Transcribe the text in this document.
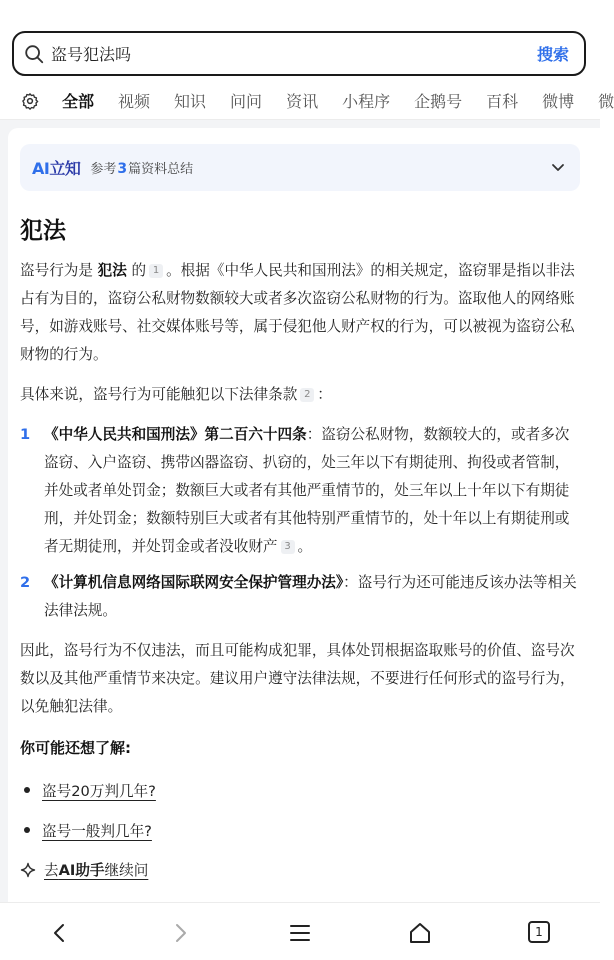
盗号犯法吗	搜索
全部 视频 知识 问问 资讯 小程序 企鹅号 百科 微博 微
AI立知 参考3篇资料总结
犯法
盗号行为是 犯法 的 1 。根据《中华人民共和国刑法》的相关规定，盗窃罪是指以非法占有为目的，盗窃公私财物数额较大或者多次盗窃公私财物的行为。盗取他人的网络账号，如游戏账号、社交媒体账号等，属于侵犯他人财产权的行为，可以被视为盗窃公私财物的行为。
具体来说，盗号行为可能触犯以下法律条款 2 ：
1 《中华人民共和国刑法》第二百六十四条：盗窃公私财物，数额较大的，或者多次盗窃、入户盗窃、携带凶器盗窃、扒窃的，处三年以下有期徒刑、拘役或者管制，并处或者单处罚金；数额巨大或者有其他严重情节的，处三年以上十年以下有期徒刑，并处罚金；数额特别巨大或者有其他特别严重情节的，处十年以上有期徒刑或者无期徒刑，并处罚金或者没收财产 3 。
2 《计算机信息网络国际联网安全保护管理办法》：盗号行为还可能违反该办法等相关法律法规。
因此，盗号行为不仅违法，而且可能构成犯罪，具体处罚根据盗取账号的价值、盗号次数以及其他严重情节来决定。建议用户遵守法律法规，不要进行任何形式的盗号行为，以免触犯法律。
你可能还想了解:
盗号20万判几年?
盗号一般判几年?
去AI助手继续问
1
